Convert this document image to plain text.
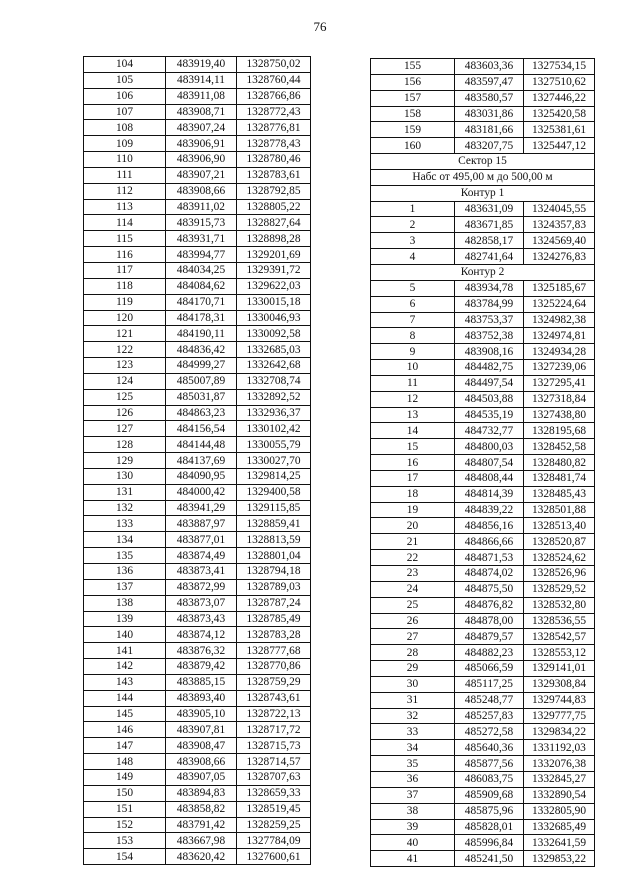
76
104	483919,40	1328750,02
105	483914,11	1328760,44
106	483911,08	1328766,86
107	483908,71	1328772,43
108	483907,24	1328776,81
109	483906,91	1328778,43
110	483906,90	1328780,46
111	483907,21	1328783,61
112	483908,66	1328792,85
113	483911,02	1328805,22
114	483915,73	1328827,64
115	483931,71	1328898,28
116	483994,77	1329201,69
117	484034,25	1329391,72
118	484084,62	1329622,03
119	484170,71	1330015,18
120	484178,31	1330046,93
121	484190,11	1330092,58
122	484836,42	1332685,03
123	484999,27	1332642,68
124	485007,89	1332708,74
125	485031,87	1332892,52
126	484863,23	1332936,37
127	484156,54	1330102,42
128	484144,48	1330055,79
129	484137,69	1330027,70
130	484090,95	1329814,25
131	484000,42	1329400,58
132	483941,29	1329115,85
133	483887,97	1328859,41
134	483877,01	1328813,59
135	483874,49	1328801,04
136	483873,41	1328794,18
137	483872,99	1328789,03
138	483873,07	1328787,24
139	483873,43	1328785,49
140	483874,12	1328783,28
141	483876,32	1328777,68
142	483879,42	1328770,86
143	483885,15	1328759,29
144	483893,40	1328743,61
145	483905,10	1328722,13
146	483907,81	1328717,72
147	483908,47	1328715,73
148	483908,66	1328714,57
149	483907,05	1328707,63
150	483894,83	1328659,33
151	483858,82	1328519,45
152	483791,42	1328259,25
153	483667,98	1327784,09
154	483620,42	1327600,61
155	483603,36	1327534,15
156	483597,47	1327510,62
157	483580,57	1327446,22
158	483031,86	1325420,58
159	483181,66	1325381,61
160	483207,75	1325447,12
Сектор 15		
Набс от 495,00 м до 500,00 м		
Контур 1		
1	483631,09	1324045,55
2	483671,85	1324357,83
3	482858,17	1324569,40
4	482741,64	1324276,83
Контур 2		
5	483934,78	1325185,67
6	483784,99	1325224,64
7	483753,37	1324982,38
8	483752,38	1324974,81
9	483908,16	1324934,28
10	484482,75	1327239,06
11	484497,54	1327295,41
12	484503,88	1327318,84
13	484535,19	1327438,80
14	484732,77	1328195,68
15	484800,03	1328452,58
16	484807,54	1328480,82
17	484808,44	1328481,74
18	484814,39	1328485,43
19	484839,22	1328501,88
20	484856,16	1328513,40
21	484866,66	1328520,87
22	484871,53	1328524,62
23	484874,02	1328526,96
24	484875,50	1328529,52
25	484876,82	1328532,80
26	484878,00	1328536,55
27	484879,57	1328542,57
28	484882,23	1328553,12
29	485066,59	1329141,01
30	485117,25	1329308,84
31	485248,77	1329744,83
32	485257,83	1329777,75
33	485272,58	1329834,22
34	485640,36	1331192,03
35	485877,56	1332076,38
36	486083,75	1332845,27
37	485909,68	1332890,54
38	485875,96	1332805,90
39	485828,01	1332685,49
40	485996,84	1332641,59
41	485241,50	1329853,22
